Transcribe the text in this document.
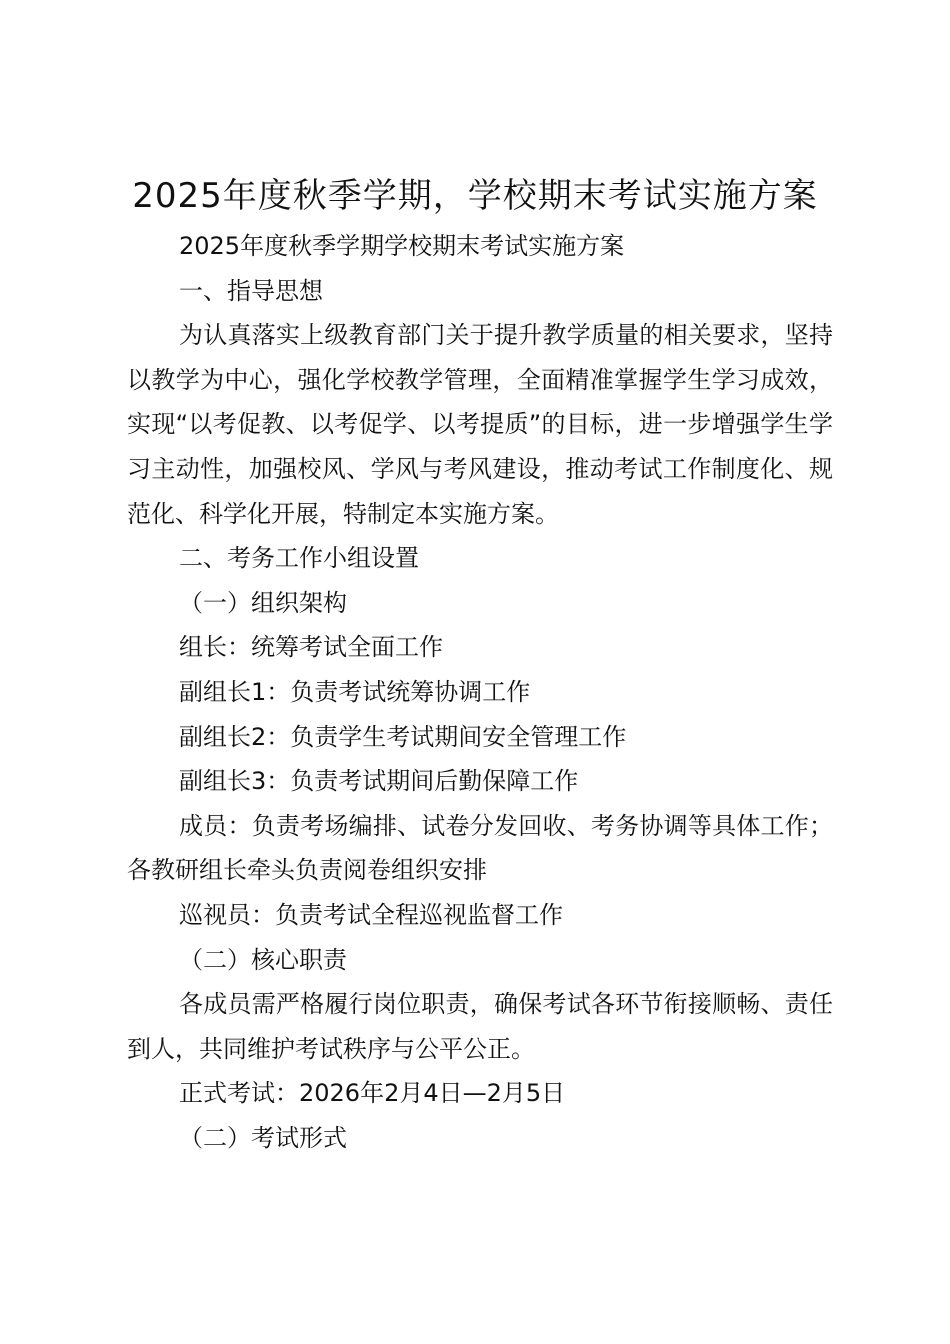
2025年度秋季学期，学校期末考试实施方案

2025年度秋季学期学校期末考试实施方案

一、指导思想

为认真落实上级教育部门关于提升教学质量的相关要求，坚持以教学为中心，强化学校教学管理，全面精准掌握学生学习成效，实现“以考促教、以考促学、以考提质”的目标，进一步增强学生学习主动性，加强校风、学风与考风建设，推动考试工作制度化、规范化、科学化开展，特制定本实施方案。

二、考务工作小组设置

（一）组织架构

组长：统筹考试全面工作

副组长1：负责考试统筹协调工作

副组长2：负责学生考试期间安全管理工作

副组长3：负责考试期间后勤保障工作

成员：负责考场编排、试卷分发回收、考务协调等具体工作；各教研组长牵头负责阅卷组织安排

巡视员：负责考试全程巡视监督工作

（二）核心职责

各成员需严格履行岗位职责，确保考试各环节衔接顺畅、责任到人，共同维护考试秩序与公平公正。

正式考试：2026年2月4日—2月5日

（二）考试形式
